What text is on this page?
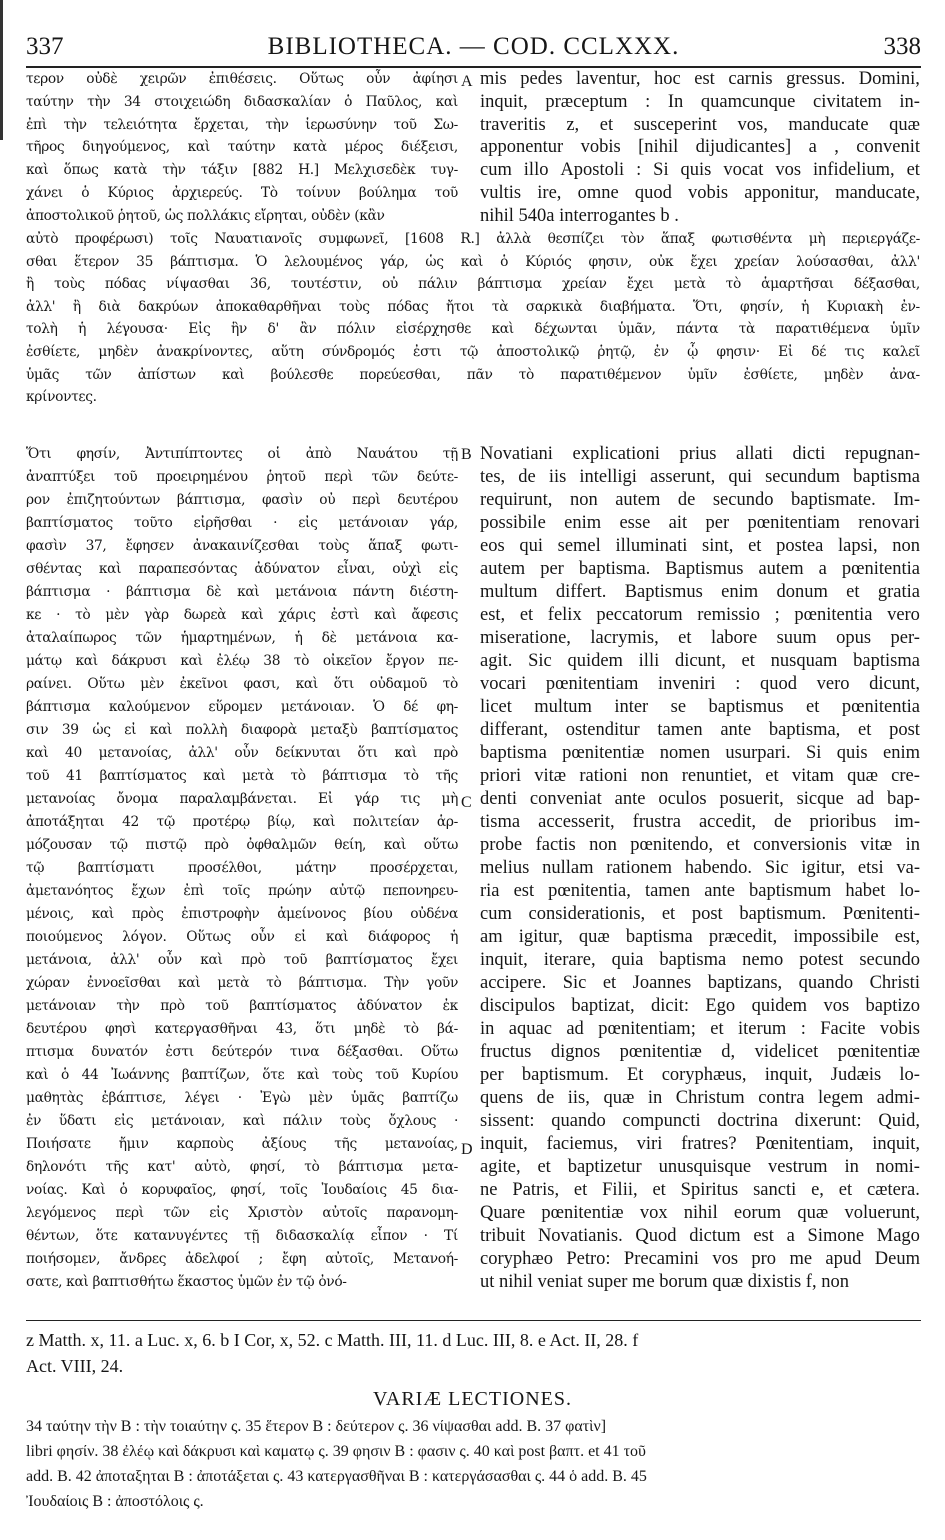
337	BIBLIOTHECA. — COD. CCLXXX.	338
τερον οὐδὲ χειρῶν ἐπιθέσεις. Οὕτως οὖν ἀφίησι
ταύτην τὴν 34 στοιχειώδη διδασκαλίαν ὁ Παῦλος, καὶ
ἐπὶ τὴν τελειότητα ἔρχεται, τὴν ἱερωσύνην τοῦ Σω-
τῆρος διηγούμενος, καὶ ταύτην κατὰ μέρος διέξεισι,
καὶ ὅπως κατὰ τὴν τάξιν [882 H.] Μελχισεδὲκ τυγ-
χάνει ὁ Κύριος ἀρχιερεύς. Τὸ τοίνυν βούλημα τοῦ
ἀποστολικοῦ ῥητοῦ, ὡς πολλάκις εἴρηται, οὐδὲν (κἂν
mis pedes laventur, hoc est carnis gressus. Domini,
inquit, præceptum : In quamcunque civitatem in-
traveritis z, et susceperint vos, manducate quæ
apponentur vobis [nihil dijudicantes] a , convenit
cum illo Apostoli : Si quis vocat vos infidelium, et
vultis ire, omne quod vobis apponitur, manducate,
nihil 540a interrogantes b .
αὐτὸ προφέρωσι) τοῖς Ναυατιανοῖς συμφωνεῖ, [1608 R.] ἀλλὰ θεσπίζει τὸν ἅπαξ φωτισθέντα μὴ περιεργάζε-
σθαι ἕτερον 35 βάπτισμα. Ὁ λελουμένος γάρ, ὡς καὶ ὁ Κύριός φησιν, οὐκ ἔχει χρείαν λούσασθαι, ἀλλ'
ἢ τοὺς πόδας νίψασθαι 36, τουτέστιν, οὐ πάλιν βάπτισμα χρείαν ἔχει μετὰ τὸ ἁμαρτῆσαι δέξασθαι,
ἀλλ' ἢ διὰ δακρύων ἀποκαθαρθῆναι τοὺς πόδας ἤτοι τὰ σαρκικὰ διαβήματα. Ὅτι, φησίν, ἡ Κυριακὴ ἐν-
τολὴ ἡ λέγουσα· Εἰς ἣν δ' ἂν πόλιν εἰσέρχησθε καὶ δέχωνται ὑμᾶν, πάντα τὰ παρατιθέμενα ὑμῖν
ἐσθίετε, μηδὲν ἀνακρίνοντες, αὕτη σύνδρομός ἐστι τῷ ἀποστολικῷ ῥητῷ, ἐν ᾧ φησιν· Εἰ δέ τις καλεῖ
ὑμᾶς τῶν ἀπίστων καὶ βούλεσθε πορεύεσθαι, πᾶν τὸ παρατιθέμενον ὑμῖν ἐσθίετε, μηδὲν ἀνα-
κρίνοντες.
Ὅτι φησίν, Ἀντιπίπτοντες οἱ ἀπὸ Ναυάτου τῇ
ἀναπτύξει τοῦ προειρημένου ῥητοῦ περὶ τῶν δεύτε-
ρον ἐπιζητούντων βάπτισμα, φασὶν οὐ περὶ δευτέρου
βαπτίσματος τοῦτο εἰρῆσθαι · εἰς μετάνοιαν γάρ,
φασὶν 37, ἔφησεν ἀνακαινίζεσθαι τοὺς ἅπαξ φωτι-
σθέντας καὶ παραπεσόντας ἀδύνατον εἶναι, οὐχὶ εἰς
βάπτισμα · βάπτισμα δὲ καὶ μετάνοια πάντη διέστη-
κε · τὸ μὲν γὰρ δωρεὰ καὶ χάρις ἐστὶ καὶ ἄφεσις
ἀταλαίπωρος τῶν ἡμαρτημένων, ἡ δὲ μετάνοια κα-
μάτῳ καὶ δάκρυσι καὶ ἐλέῳ 38 τὸ οἰκεῖον ἔργον πε-
ραίνει. Οὕτω μὲν ἐκεῖνοι φασι, καὶ ὅτι οὐδαμοῦ τὸ
βάπτισμα καλούμενον εὕρομεν μετάνοιαν. Ὁ δέ φη-
σιν 39 ὡς εἰ καὶ πολλὴ διαφορὰ μεταξὺ βαπτίσματος
καὶ 40 μετανοίας, ἀλλ' οὖν δείκνυται ὅτι καὶ πρὸ
τοῦ 41 βαπτίσματος καὶ μετὰ τὸ βάπτισμα τὸ τῆς
μετανοίας ὄνομα παραλαμβάνεται. Εἰ γάρ τις μὴ
ἀποτάξηται 42 τῷ προτέρῳ βίῳ, καὶ πολιτείαν ἁρ-
μόζουσαν τῷ πιστῷ πρὸ ὀφθαλμῶν θείη, καὶ οὕτω
τῷ βαπτίσματι προσέλθοι, μάτην προσέρχεται,
ἀμετανόητος ἔχων ἐπὶ τοῖς πρώην αὐτῷ πεπονηρευ-
μένοις, καὶ πρὸς ἐπιστροφὴν ἀμείνονος βίου οὐδένα
ποιούμενος λόγον. Οὕτως οὖν εἰ καὶ διάφορος ἡ
μετάνοια, ἀλλ' οὖν καὶ πρὸ τοῦ βαπτίσματος ἔχει
χώραν ἐννοεῖσθαι καὶ μετὰ τὸ βάπτισμα. Τὴν γοῦν
μετάνοιαν τὴν πρὸ τοῦ βαπτίσματος ἀδύνατον ἐκ
δευτέρου φησὶ κατεργασθῆναι 43, ὅτι μηδὲ τὸ βά-
πτισμα δυνατόν ἐστι δεύτερόν τινα δέξασθαι. Οὕτω
καὶ ὁ 44 Ἰωάννης βαπτίζων, ὅτε καὶ τοὺς τοῦ Κυρίου
μαθητὰς ἐβάπτισε, λέγει · Ἐγὼ μὲν ὑμᾶς βαπτίζω
ἐν ὕδατι εἰς μετάνοιαν, καὶ πάλιν τοὺς ὄχλους ·
Ποιήσατε ἤμιν καρποὺς ἀξίους τῆς μετανοίας,
δηλονότι τῆς κατ' αὐτὸ, φησί, τὸ βάπτισμα μετα-
νοίας. Καὶ ὁ κορυφαῖος, φησί, τοῖς Ἰουδαίοις 45 δια-
λεγόμενος περὶ τῶν εἰς Χριστὸν αὐτοῖς παρανομη-
θέντων, ὅτε κατανυγέντες τῇ διδασκαλίᾳ εἶπον · Τί
ποιήσομεν, ἄνδρες ἀδελφοί ; ἔφη αὐτοῖς, Μετανοή-
σατε, καὶ βαπτισθήτω ἕκαστος ὑμῶν ἐν τῷ ὀνό-
Novatiani explicationi prius allati dicti repugnan-
tes, de iis intelligi asserunt, qui secundum baptisma
requirunt, non autem de secundo baptismate. Im-
possibile enim esse ait per pœnitentiam renovari
eos qui semel illuminati sint, et postea lapsi, non
autem per baptisma. Baptismus autem a pœnitentia
multum differt. Baptismus enim donum et gratia
est, et felix peccatorum remissio ; pœnitentia vero
miseratione, lacrymis, et labore suum opus per-
agit. Sic quidem illi dicunt, et nusquam baptisma
vocari pœnitentiam inveniri : quod vero dicunt,
licet multum inter se baptismus et pœnitentia
differant, ostenditur tamen ante baptisma, et post
baptisma pœnitentiæ nomen usurpari. Si quis enim
priori vitæ rationi non renuntiet, et vitam quæ cre-
denti conveniat ante oculos posuerit, sicque ad bap-
tisma accesserit, frustra accedit, de prioribus im-
probe factis non pœnitendo, et conversionis vitæ in
melius nullam rationem habendo. Sic igitur, etsi va-
ria est pœnitentia, tamen ante baptismum habet lo-
cum considerationis, et post baptismum. Pœnitenti-
am igitur, quæ baptisma præcedit, impossibile est,
inquit, iterare, quia baptisma nemo potest secundo
accipere. Sic et Joannes baptizans, quando Christi
discipulos baptizat, dicit: Ego quidem vos baptizo
in aquac ad pœnitentiam; et iterum : Facite vobis
fructus dignos pœnitentiæ d, videlicet pœnitentiæ
per baptismum. Et coryphæus, inquit, Judæis lo-
quens de iis, quæ in Christum contra legem admi-
sissent: quando compuncti doctrina dixerunt: Quid,
inquit, faciemus, viri fratres? Pœnitentiam, inquit,
agite, et baptizetur unusquisque vestrum in nomi-
ne Patris, et Filii, et Spiritus sancti e, et cætera.
Quare pœnitentiæ vox nihil eorum quæ voluerunt,
tribuit Novatianis. Quod dictum est a Simone Mago
coryphæo Petro: Precamini vos pro me apud Deum
ut nihil veniat super me borum quæ dixistis f, non
A
B
C
D
z Matth. x, 11. a Luc. x, 6. b I Cor, x, 52. c Matth. III, 11. d Luc. III, 8. e Act. II, 28. f
Act. VIII, 24.
VARIÆ LECTIONES.
34 ταύτην τὴν B : τὴν τοιαύτην ς. 35 ἕτερον B : δεύτερον ς. 36 νίψασθαι add. B. 37 φατὶν]
libri φησίν. 38 ἐλέῳ καὶ δάκρυσι καὶ καματῳ ς. 39 φησιν B : φασιν ς. 40 καὶ post βαπτ. et 41 τοῦ
add. B. 42 ἀποταξηται B : ἀποτάξεται ς. 43 κατεργασθῆναι B : κατεργάσασθαι ς. 44 ὁ add. B. 45
Ἰουδαίοις B : ἀποστόλοις ς.
